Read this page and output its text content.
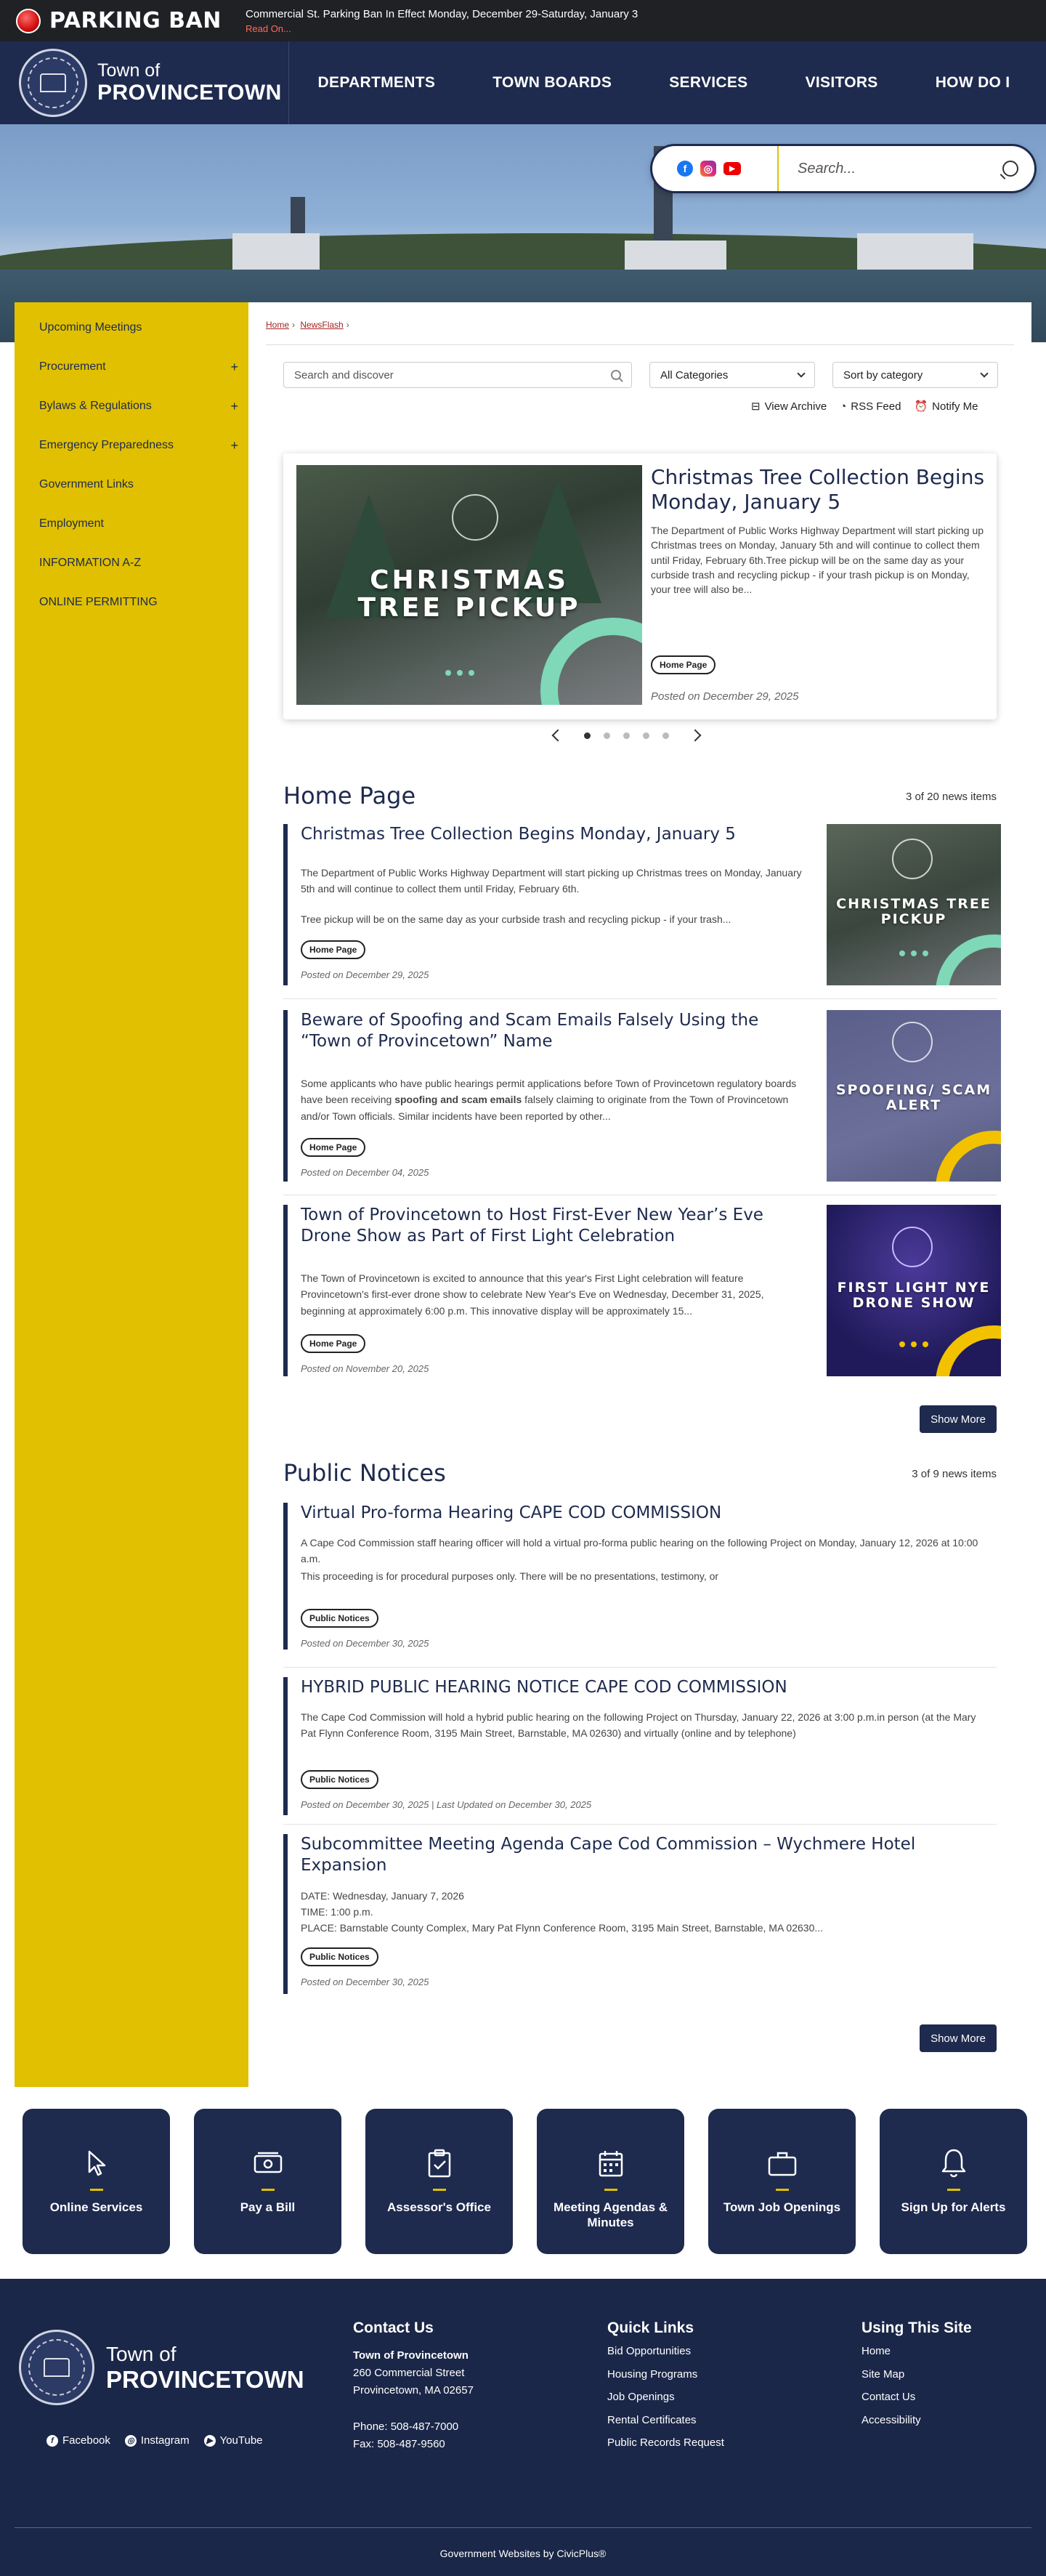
PARKING BAN Commercial St. Parking Ban In Effect Monday, December 29-Saturday, January 3
Read On...
Town of
PROVINCETOWN DEPARTMENTS	TOWN BOARDS	SERVICES	VISITORS	HOW DO I
f	◎	▶	Search...
Upcoming Meetings
Procurement	+
Bylaws & Regulations	+
Emergency Preparedness	+
Government Links
Employment
INFORMATION A-Z
ONLINE PERMITTING
Home › NewsFlash ›
Search and discover	All Categories	Sort by category
⊟ View Archive ◔ RSS Feed ⏰ Notify Me
CHRISTMAS
TREE PICKUP
Christmas Tree Collection Begins Monday, January 5
The Department of Public Works Highway Department will start picking up Christmas trees on Monday, January 5th and will continue to collect them until Friday, February 6th.Tree pickup will be on the same day as your curbside trash and recycling pickup - if your trash pickup is on Monday, your tree will also be...
Home Page
Posted on December 29, 2025
Home Page	3 of 20 news items
Christmas Tree Collection Begins Monday, January 5
The Department of Public Works Highway Department will start picking up Christmas trees on Monday, January 5th and will continue to collect them until Friday, February 6th.
Tree pickup will be on the same day as your curbside trash and recycling pickup - if your trash...
Home Page
Posted on December 29, 2025
CHRISTMAS TREE PICKUP
Beware of Spoofing and Scam Emails Falsely Using the “Town of Provincetown” Name
Some applicants who have public hearings permit applications before Town of Provincetown regulatory boards have been receiving spoofing and scam emails falsely claiming to originate from the Town of Provincetown and/or Town officials. Similar incidents have been reported by other...
Home Page
Posted on December 04, 2025
SPOOFING/ SCAM ALERT
Town of Provincetown to Host First-Ever New Year’s Eve Drone Show as Part of First Light Celebration
The Town of Provincetown is excited to announce that this year's First Light celebration will feature Provincetown's first-ever drone show to celebrate New Year's Eve on Wednesday, December 31, 2025, beginning at approximately 6:00 p.m. This innovative display will be approximately 15...
Home Page
Posted on November 20, 2025
FIRST LIGHT NYE DRONE SHOW
Show More
Public Notices	3 of 9 news items
Virtual Pro-forma Hearing CAPE COD COMMISSION
A Cape Cod Commission staff hearing officer will hold a virtual pro-forma public hearing on the following Project on Monday, January 12, 2026 at 10:00 a.m.
This proceeding is for procedural purposes only. There will be no presentations, testimony, or
Public Notices
Posted on December 30, 2025
HYBRID PUBLIC HEARING NOTICE CAPE COD COMMISSION
The Cape Cod Commission will hold a hybrid public hearing on the following Project on Thursday, January 22, 2026 at 3:00 p.m.in person (at the Mary Pat Flynn Conference Room, 3195 Main Street, Barnstable, MA 02630) and virtually (online and by telephone)
Public Notices
Posted on December 30, 2025 | Last Updated on December 30, 2025
Subcommittee Meeting Agenda Cape Cod Commission – Wychmere Hotel Expansion
DATE: Wednesday, January 7, 2026
TIME: 1:00 p.m.
PLACE: Barnstable County Complex, Mary Pat Flynn Conference Room, 3195 Main Street, Barnstable, MA 02630...
Public Notices
Posted on December 30, 2025
Show More
Online Services	Pay a Bill	Assessor's Office	Meeting Agendas & Minutes
Town Job Openings	Sign Up for Alerts
Town of
PROVINCETOWN
f Facebook ◎ Instagram	▶ YouTube
Contact Us
Town of Provincetown
260 Commercial Street
Provincetown, MA 02657
Phone: 508-487-7000
Fax: 508-487-9560
Quick Links
Bid Opportunities
Housing Programs
Job Openings
Rental Certificates
Public Records Request
Using This Site
Home
Site Map
Contact Us
Accessibility
Government Websites by CivicPlus®
